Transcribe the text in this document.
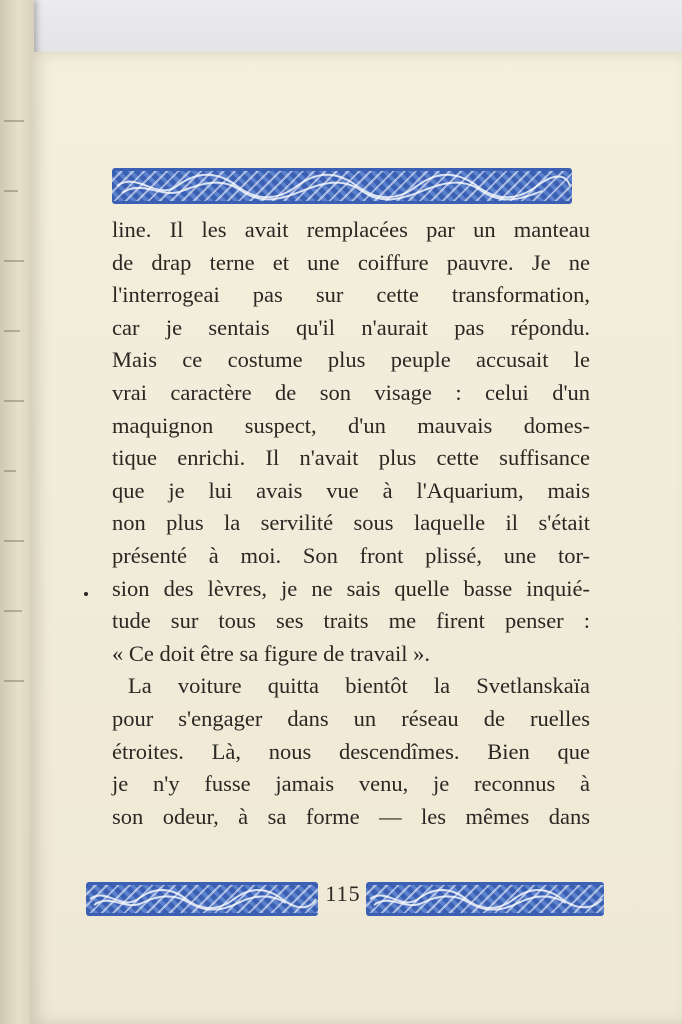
line. Il les avait remplacées par un manteau
de drap terne et une coiffure pauvre. Je ne
l'interrogeai pas sur cette transformation,
car je sentais qu'il n'aurait pas répondu.
Mais ce costume plus peuple accusait le
vrai caractère de son visage : celui d'un
maquignon suspect, d'un mauvais domes-
tique enrichi. Il n'avait plus cette suffisance
que je lui avais vue à l'Aquarium, mais
non plus la servilité sous laquelle il s'était
présenté à moi. Son front plissé, une tor-
sion des lèvres, je ne sais quelle basse inquié-
tude sur tous ses traits me firent penser :
« Ce doit être sa figure de travail ».
La voiture quitta bientôt la Svetlanskaïa
pour s'engager dans un réseau de ruelles
étroites. Là, nous descendîmes. Bien que
je n'y fusse jamais venu, je reconnus à
son odeur, à sa forme — les mêmes dans
115
